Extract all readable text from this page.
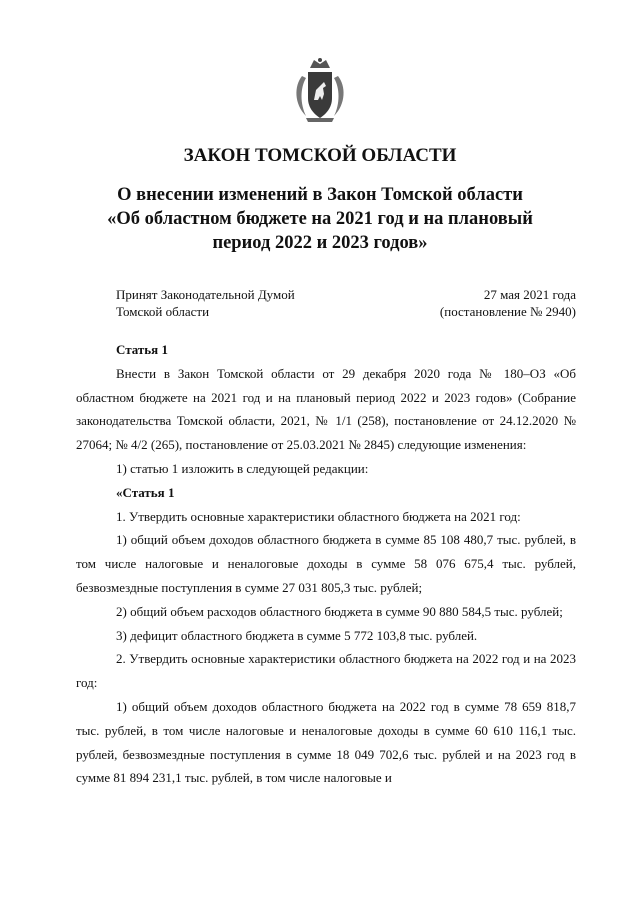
ЗАКОН ТОМСКОЙ ОБЛАСТИ
О внесении изменений в Закон Томской области
«Об областном бюджете на 2021 год и на плановый
период 2022 и 2023 годов»
Принят Законодательной Думой
Томской области
27 мая 2021 года
(постановление № 2940)

Статья 1

Внести в Закон Томской области от 29 декабря 2020 года № 180–ОЗ «Об областном бюджете на 2021 год и на плановый период 2022 и 2023 годов» (Собрание законодательства Томской области, 2021, № 1/1 (258), постановление от 24.12.2020 № 27064; № 4/2 (265), постановление от 25.03.2021 № 2845) следующие изменения:

1) статью 1 изложить в следующей редакции:

«Статья 1

1. Утвердить основные характеристики областного бюджета на 2021 год:

1) общий объем доходов областного бюджета в сумме 85 108 480,7 тыс. рублей, в том числе налоговые и неналоговые доходы в сумме 58 076 675,4 тыс. рублей, безвозмездные поступления в сумме 27 031 805,3 тыс. рублей;

2) общий объем расходов областного бюджета в сумме 90 880 584,5 тыс. рублей;

3) дефицит областного бюджета в сумме 5 772 103,8 тыс. рублей.

2. Утвердить основные характеристики областного бюджета на 2022 год и на 2023 год:

1) общий объем доходов областного бюджета на 2022 год в сумме 78 659 818,7 тыс. рублей, в том числе налоговые и неналоговые доходы в сумме 60 610 116,1 тыс. рублей, безвозмездные поступления в сумме 18 049 702,6 тыс. рублей и на 2023 год в сумме 81 894 231,1 тыс. рублей, в том числе налоговые и
